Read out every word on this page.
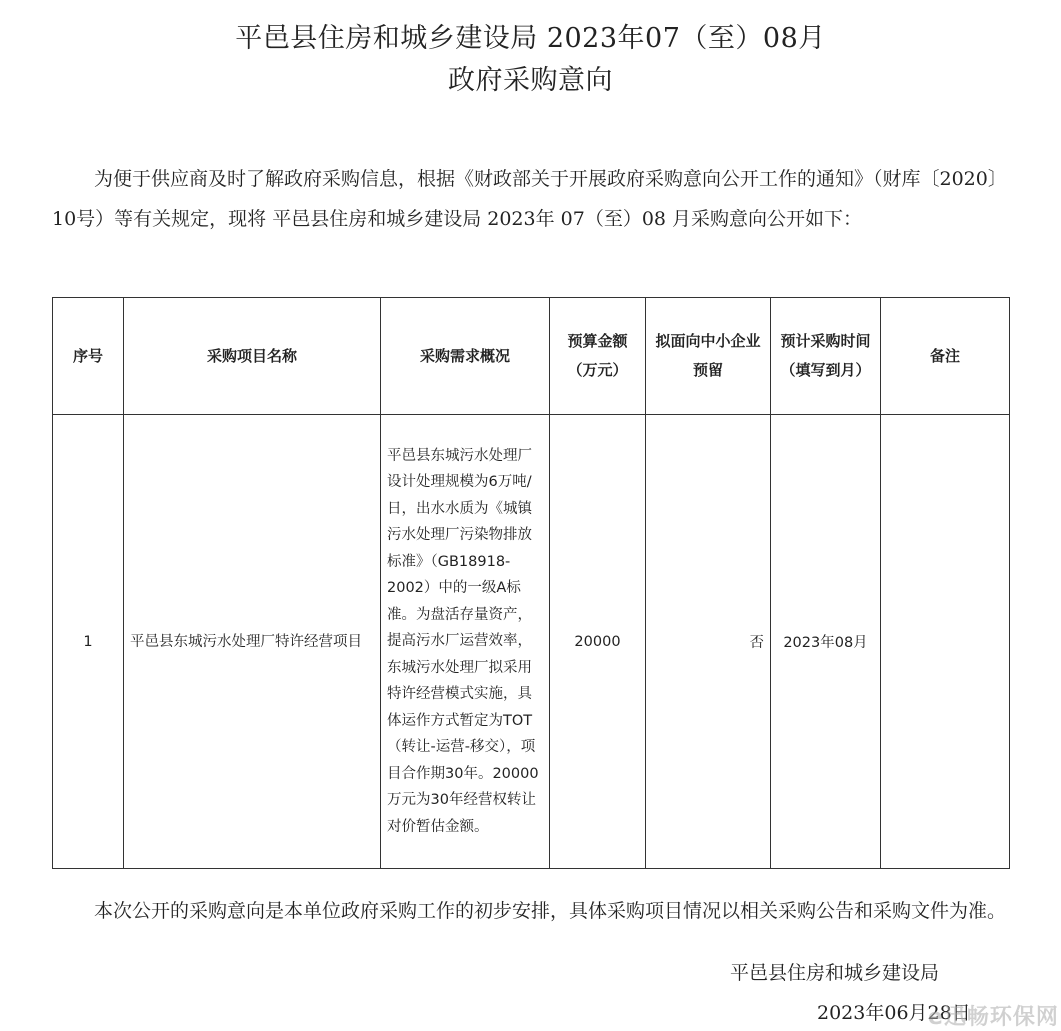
平邑县住房和城乡建设局 2023年07（至）08月
政府采购意向

为便于供应商及时了解政府采购信息，根据《财政部关于开展政府采购意向公开工作的通知》（财库〔2020〕10号）等有关规定，现将 平邑县住房和城乡建设局 2023年 07（至）08 月采购意向公开如下：

序号	采购项目名称	采购需求概况	预算金额（万元）	拟面向中小企业预留	预计采购时间（填写到月）	备注
1	平邑县东城污水处理厂特许经营项目	平邑县东城污水处理厂设计处理规模为6万吨/日，出水水质为《城镇污水处理厂污染物排放标准》（GB18918-2002）中的一级A标准。为盘活存量资产，提高污水厂运营效率，东城污水处理厂拟采用特许经营模式实施，具体运作方式暂定为TOT（转让-运营-移交），项目合作期30年。20000万元为30年经营权转让对价暂估金额。	20000	否	2023年08月	

本次公开的采购意向是本单位政府采购工作的初步安排，具体采购项目情况以相关采购公告和采购文件为准。

平邑县住房和城乡建设局
2023年06月28日
e迅畅环保网
